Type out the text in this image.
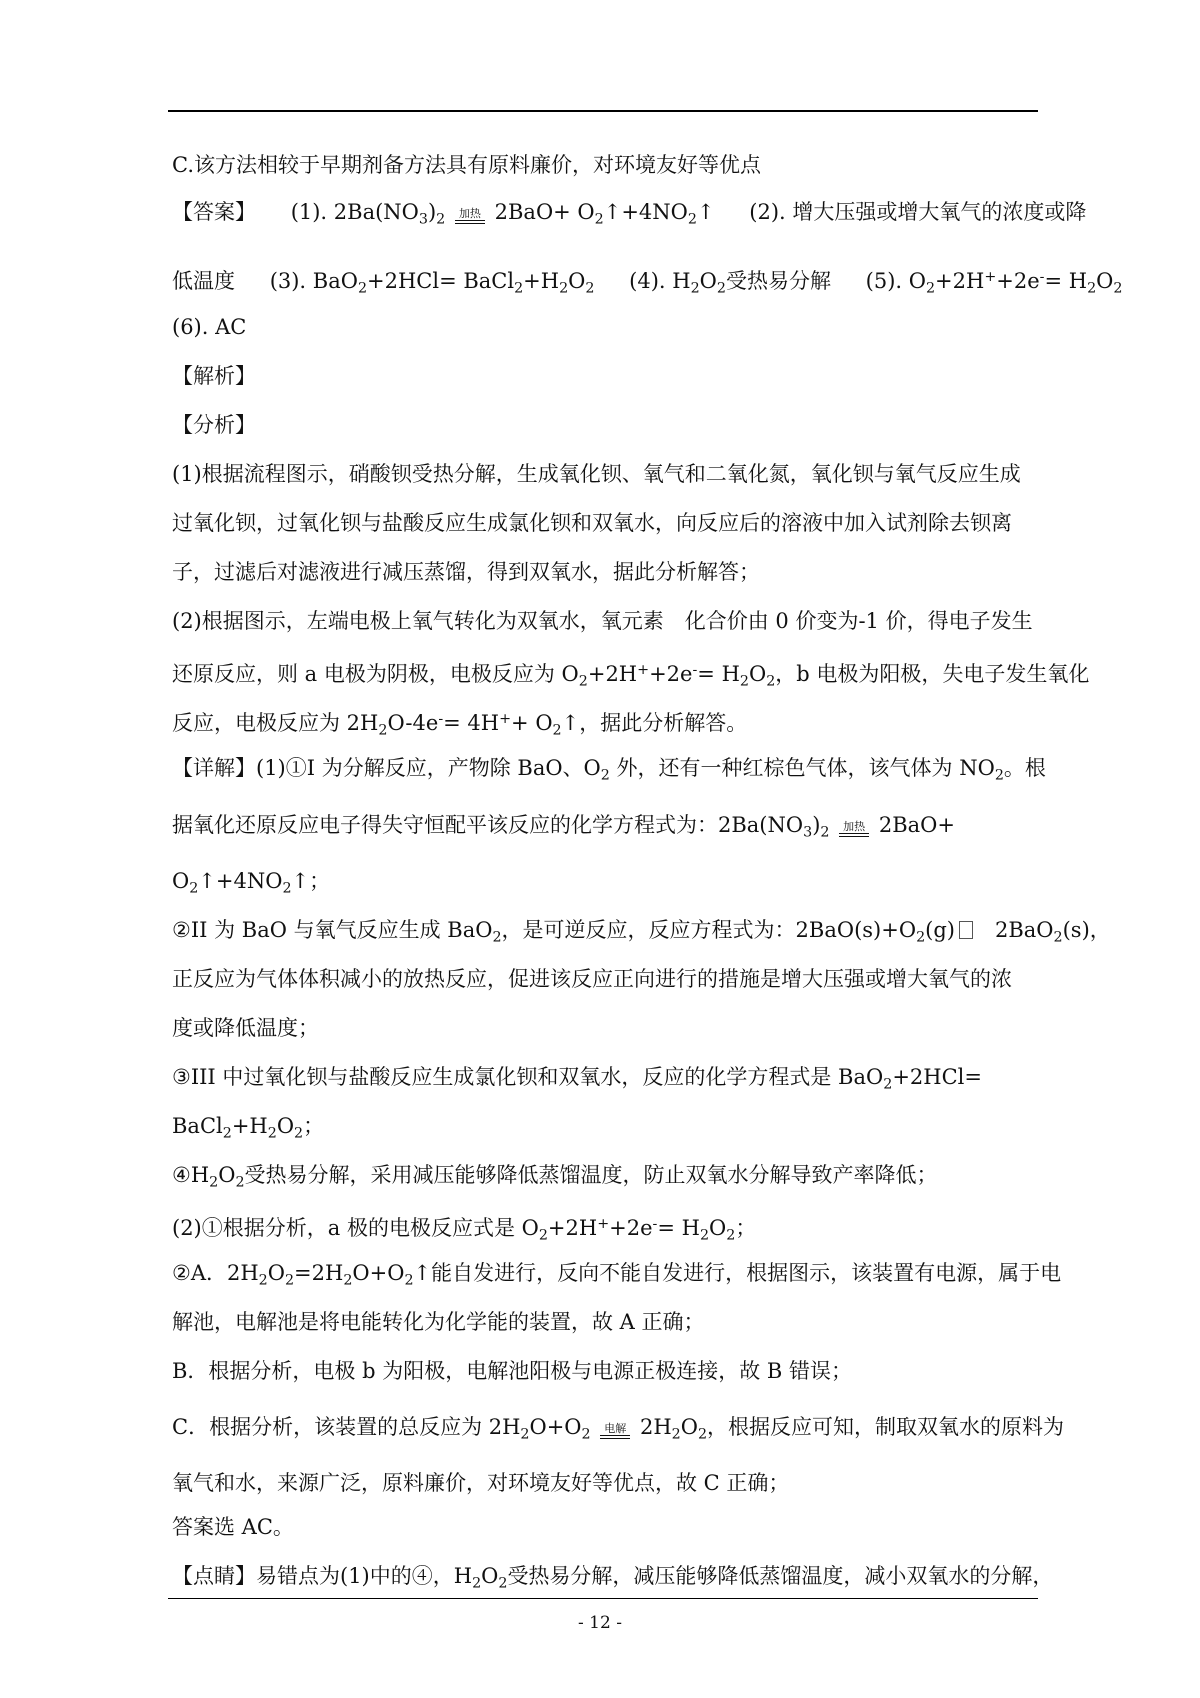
C.该方法相较于早期剂备方法具有原料廉价，对环境友好等优点
【答案】 (1). $2Ba(NO_3)_2$ 加热 $2BaO+ O_2↑+4NO_2↑$ (2). 增大压强或增大氧气的浓度或降
低温度 (3). $BaO_2+2HCl= BaCl_2+H_2O_2$ (4). $H_2O_2$受热易分解 (5). $O_2+2H^++2e^-= H_2O_2$
(6). AC
【解析】
【分析】
(1)根据流程图示，硝酸钡受热分解，生成氧化钡、氧气和二氧化氮，氧化钡与氧气反应生成
过氧化钡，过氧化钡与盐酸反应生成氯化钡和双氧水，向反应后的溶液中加入试剂除去钡离
子，过滤后对滤液进行减压蒸馏，得到双氧水，据此分析解答；
(2)根据图示，左端电极上氧气转化为双氧水，氧元素　化合价由 0 价变为-1 价，得电子发生
还原反应，则 a 电极为阴极，电极反应为 $O_2+2H^++2e^-= H_2O_2$，b 电极为阳极，失电子发生氧化
反应，电极反应为 $2H_2O-4e^-= 4H^++$ $O_2↑$，据此分析解答。
【详解】(1)①I 为分解反应，产物除 BaO、$O_2$ 外，还有一种红棕色气体，该气体为 $NO_2$。根
据氧化还原反应电子得失守恒配平该反应的化学方程式为：$2Ba(NO_3)_2$ 加热 2BaO+
$O_2↑+4NO_2↑$；
②II 为 BaO 与氧气反应生成 BaO$_2$，是可逆反应，反应方程式为：$2BaO(s)+O_2(g)$ 2BaO$_2$(s)，
正反应为气体体积减小的放热反应，促进该反应正向进行的措施是增大压强或增大氧气的浓
度或降低温度；
③III 中过氧化钡与盐酸反应生成氯化钡和双氧水，反应的化学方程式是 BaO$_2$+2HCl=
$BaCl_2+H_2O_2$；
$④H_2O_2$受热易分解，采用减压能够降低蒸馏温度，防止双氧水分解导致产率降低；
(2)①根据分析，a 极的电极反应式是 $O_2+2H^++2e^-= H_2O_2$；
②A．$2H_2O_2=2H_2O+O_2↑$能自发进行，反向不能自发进行，根据图示，该装置有电源，属于电
解池，电解池是将电能转化为化学能的装置，故 A 正确；
B．根据分析，电极 b 为阳极，电解池阳极与电源正极连接，故 B 错误；
C．根据分析，该装置的总反应为 $2H_2O+O_2$ 电解 $2H_2O_2$，根据反应可知，制取双氧水的原料为
氧气和水，来源广泛，原料廉价，对环境友好等优点，故 C 正确；
答案选 AC。
【点睛】易错点为(1)中的④，$H_2O_2$受热易分解，减压能够降低蒸馏温度，减小双氧水的分解，
- 12 -
